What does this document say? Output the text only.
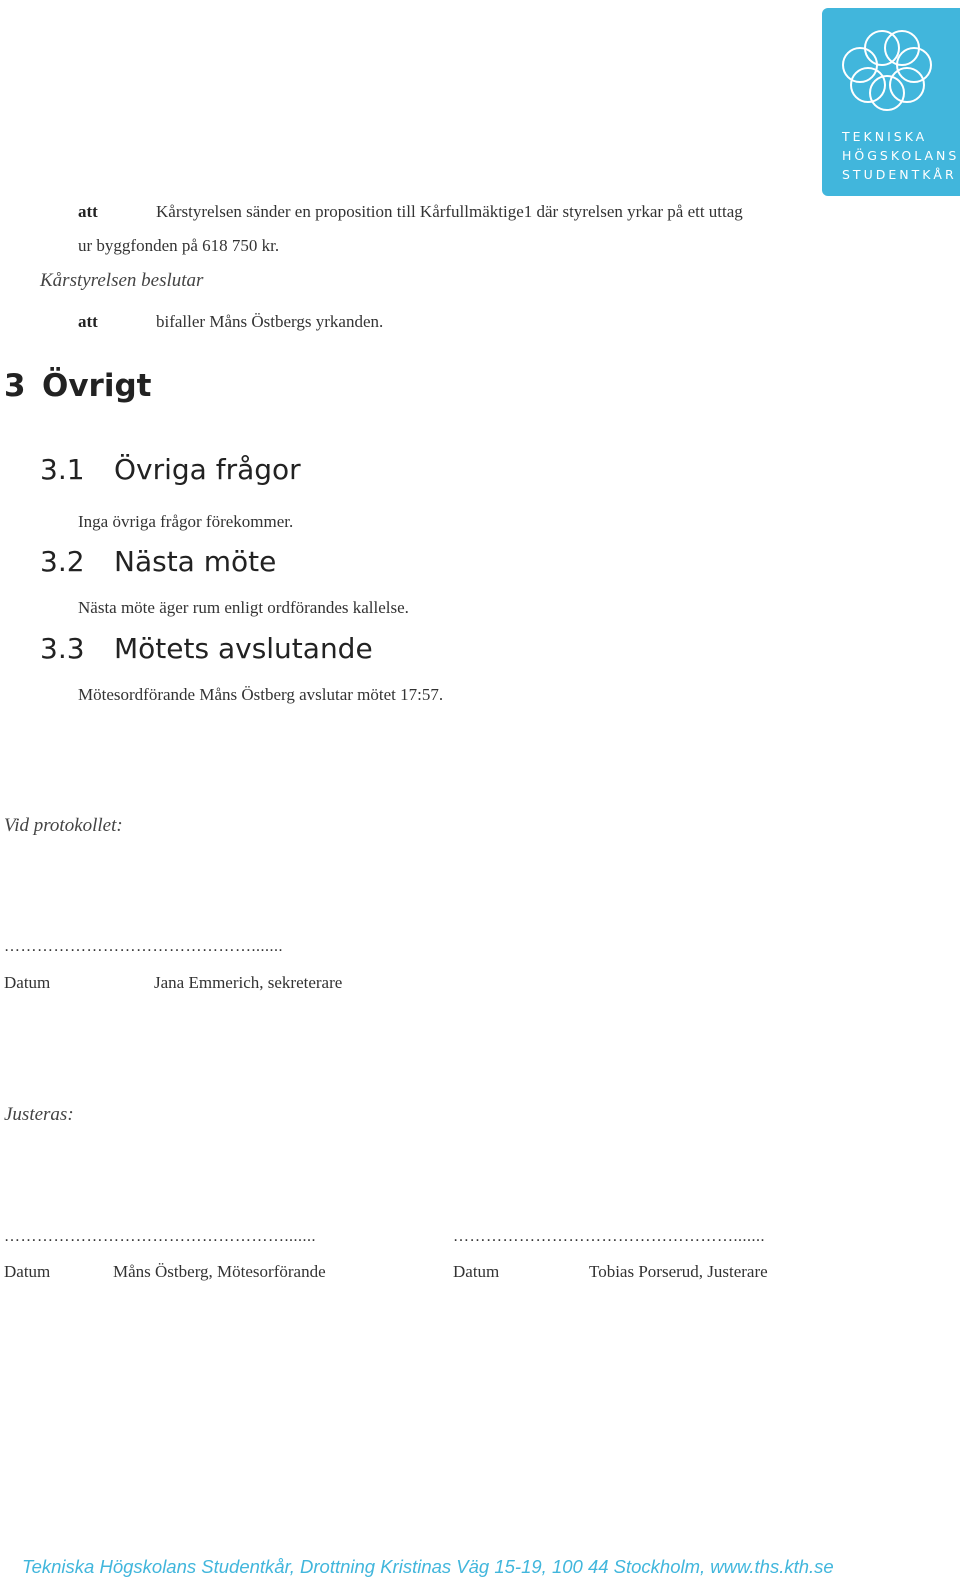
TEKNISKA
HÖGSKOLANS
STUDENTKÅR
att	Kårstyrelsen sänder en proposition till Kårfullmäktige1 där styrelsen yrkar på ett uttag
ur byggfonden på 618 750 kr.
Kårstyrelsen beslutar
att	bifaller Måns Östbergs yrkanden.
3 Övrigt
3.1 Övriga frågor
Inga övriga frågor förekommer.
3.2 Nästa möte
Nästa möte äger rum enligt ordförandes kallelse.
3.3 Mötets avslutande
Mötesordförande Måns Östberg avslutar mötet 17:57.
Vid protokollet:
……………………………………….......
Datum	Jana Emmerich, sekreterare
Justeras:
…………………………………………….......
Datum	Måns Östberg, Mötesorförande
…………………………………………….......
Datum	Tobias Porserud, Justerare
Tekniska Högskolans Studentkår, Drottning Kristinas Väg 15-19, 100 44 Stockholm, www.ths.kth.se
